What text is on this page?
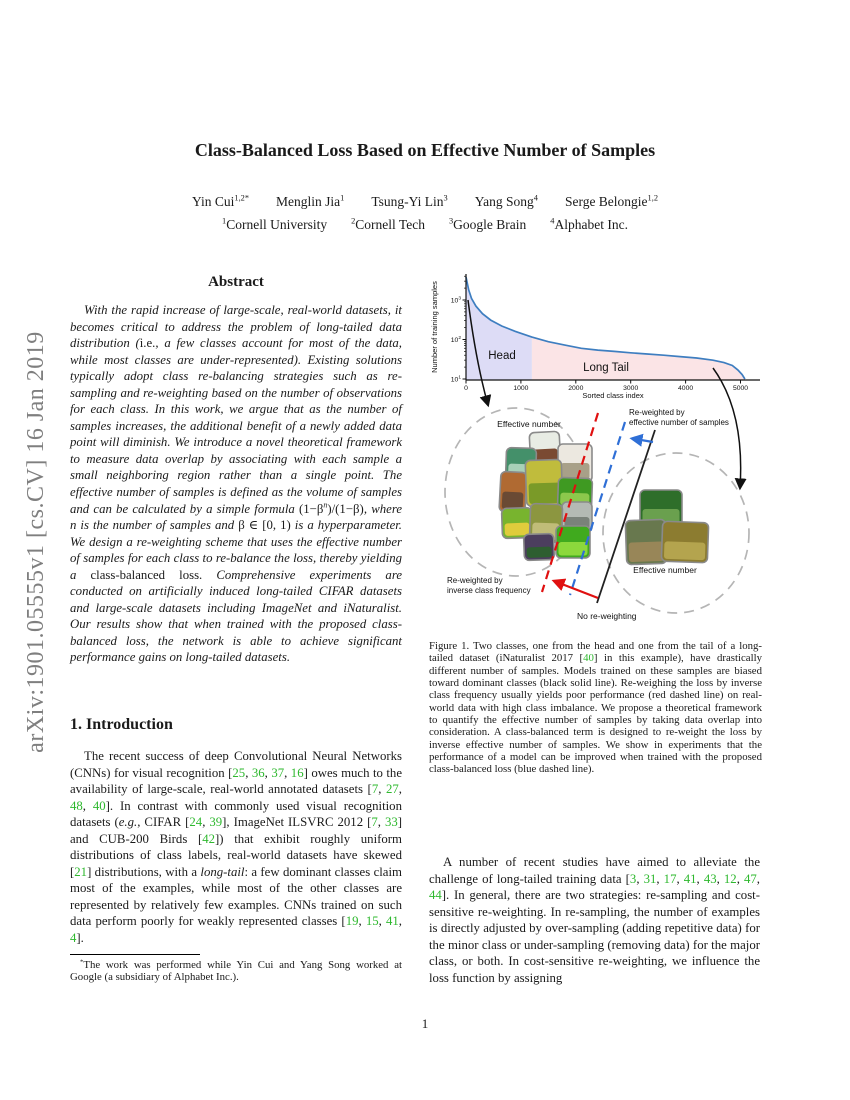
arXiv:1901.05555v1 [cs.CV] 16 Jan 2019
Class-Balanced Loss Based on Effective Number of Samples
Yin Cui$^{1,2*}$ Menglin Jia$^1$ Tsung-Yi Lin$^3$ Yang Song$^4$ Serge Belongie$^{1,2}$
$^1$Cornell University	$^2$Cornell Tech	$^3$Google Brain	$^4$Alphabet Inc.
Abstract
With the rapid increase of large-scale, real-world datasets, it becomes critical to address the problem of long-tailed data distribution (i.e., a few classes account for most of the data, while most classes are under-represented). Existing solutions typically adopt class re-balancing strategies such as re-sampling and re-weighting based on the number of observations for each class. In this work, we argue that as the number of samples increases, the additional benefit of a newly added data point will diminish. We introduce a novel theoretical framework to measure data overlap by associating with each sample a small neighboring region rather than a single point. The effective number of samples is defined as the volume of samples and can be calculated by a simple formula $(1-\beta^n)/(1-\beta)$, where n is the number of samples and β ∈ [0, 1) is a hyperparameter. We design a re-weighting scheme that uses the effective number of samples for each class to re-balance the loss, thereby yielding a class-balanced loss. Comprehensive experiments are conducted on artificially induced long-tailed CIFAR datasets and large-scale datasets including ImageNet and iNaturalist. Our results show that when trained with the proposed class-balanced loss, the network is able to achieve significant performance gains on long-tailed datasets.
1. Introduction
The recent success of deep Convolutional Neural Networks (CNNs) for visual recognition [25, 36, 37, 16] owes much to the availability of large-scale, real-world annotated datasets [7, 27, 48, 40]. In contrast with commonly used visual recognition datasets (e.g., CIFAR [24, 39], ImageNet ILSVRC 2012 [7, 33] and CUB-200 Birds [42]) that exhibit roughly uniform distributions of class labels, real-world datasets have skewed [21] distributions, with a long-tail: a few dominant classes claim most of the examples, while most of the other classes are represented by relatively few examples. CNNs trained on such data perform poorly for weakly represented classes [19, 15, 41, 4].
*The work was performed while Yin Cui and Yang Song worked at Google (a subsidiary of Alphabet Inc.).
$10^1$
$10^2$
$10^3$
0	1000	2000	3000	4000	5000
Sorted class index
Number of training samples	Head
Long Tail
Effective number
Effective number
Re-weighted by
effective number of samples
Re-weighted by
inverse class frequency
No re-weighting
Figure 1. Two classes, one from the head and one from the tail of a long-tailed dataset (iNaturalist 2017 [40] in this example), have drastically different number of samples. Models trained on these samples are biased toward dominant classes (black solid line). Re-weighing the loss by inverse class frequency usually yields poor performance (red dashed line) on real-world data with high class imbalance. We propose a theoretical framework to quantify the effective number of samples by taking data overlap into consideration. A class-balanced term is designed to re-weight the loss by inverse effective number of samples. We show in experiments that the performance of a model can be improved when trained with the proposed class-balanced loss (blue dashed line).
A number of recent studies have aimed to alleviate the challenge of long-tailed training data [3, 31, 17, 41, 43, 12, 47, 44]. In general, there are two strategies: re-sampling and cost-sensitive re-weighting. In re-sampling, the number of examples is directly adjusted by over-sampling (adding repetitive data) for the minor class or under-sampling (removing data) for the major class, or both. In cost-sensitive re-weighting, we influence the loss function by assigning
1
